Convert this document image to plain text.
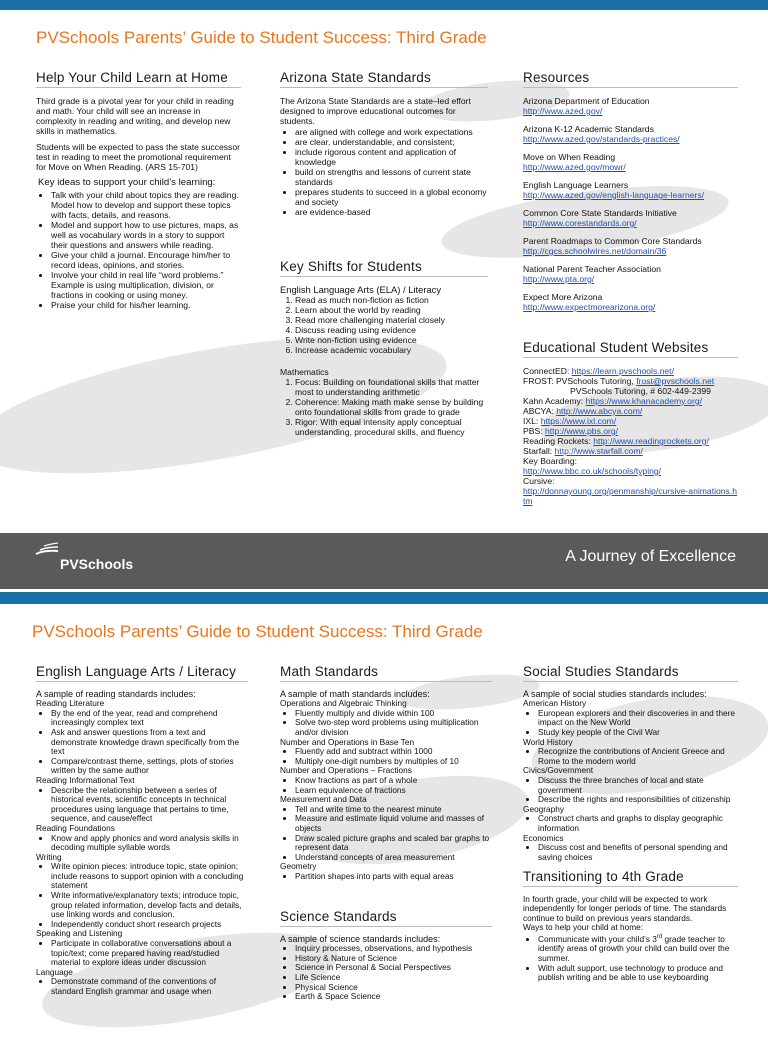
PVSchools Parents’ Guide to Student Success: Third Grade
Help Your Child Learn at Home

Third grade is a pivotal year for your child in reading and math. Your child will see an increase in complexity in reading and writing, and develop new skills in mathematics.

Students will be expected to pass the state successor test in reading to meet the promotional requirement for Move on When Reading. (ARS 15-701)

Key ideas to support your child’s learning:

• Talk with your child about topics they are reading. Model how to develop and support these topics with facts, details, and reasons.
• Model and support how to use pictures, maps, as well as vocabulary words in a story to support their questions and answers while reading.
• Give your child a journal. Encourage him/her to record ideas, opinions, and stories.
• Involve your child in real life “word problems.” Example is using multiplication, division, or fractions in cooking or using money.
• Praise your child for his/her learning.
Arizona State Standards

The Arizona State Standards are a state–led effort designed to improve educational outcomes for students.

• are aligned with college and work expectations
• are clear, understandable, and consistent;
• include rigorous content and application of knowledge
• build on strengths and lessons of current state standards
• prepares students to succeed in a global economy and society
• are evidence-based
Key Shifts for Students

English Language Arts (ELA) / Literacy

1. Read as much non-fiction as fiction
2. Learn about the world by reading
3. Read more challenging material closely
4. Discuss reading using evidence
5. Write non-fiction using evidence
6. Increase academic vocabulary

Mathematics

1. Focus: Building on foundational skills that matter most to understanding arithmetic
2. Coherence: Making math make sense by building onto foundational skills from grade to grade
3. Rigor: With equal intensity apply conceptual understanding, procedural skills, and fluency
Resources
Arizona Department of Education
http://www.azed.gov/
Arizona K-12 Academic Standards
http://www.azed.gov/standards-practices/
Move on When Reading
http://www.azed.gov/mowr/
English Language Learners
http://www.azed.gov/english-language-learners/
Common Core State Standards Initiative
http://www.corestandards.org/
Parent Roadmaps to Common Core Standards
http://cgcs.schoolwires.net/domain/36
National Parent Teacher Association
http://www.pta.org/
Expect More Arizona
http://www.expectmorearizona.org/
Educational Student Websites
ConnectED: https://learn.pvschools.net/
FROST: PVSchools Tutoring, frost@pvschools.net
PVSchools Tutoring, # 602-449-2399
Kahn Academy: https://www.khanacademy.org/
ABCYA: http://www.abcya.com/
IXL: https://www.ixl.com/
PBS: http://www.pbs.org/
Reading Rockets: http://www.readingrockets.org/
Starfall: http://www.starfall.com/
Key Boarding:
http://www.bbc.co.uk/schools/typing/
Cursive:
http://donnayoung.org/penmanship/cursive-animations.htm
PVSchools	A Journey of Excellence
PVSchools Parents’ Guide to Student Success: Third Grade
English Language Arts / Literacy
A sample of reading standards includes:
Reading Literature
• By the end of the year, read and comprehend increasingly complex text
• Ask and answer questions from a text and demonstrate knowledge drawn specifically from the text
• Compare/contrast theme, settings, plots of stories written by the same author
Reading Informational Text
• Describe the relationship between a series of historical events, scientific concepts in technical procedures using language that pertains to time, sequence, and cause/effect
Reading Foundations
• Know and apply phonics and word analysis skills in decoding multiple syllable words
Writing
• Write opinion pieces: introduce topic, state opinion; include reasons to support opinion with a concluding statement
• Write informative/explanatory texts; introduce topic, group related information, develop facts and details, use linking words and conclusion.
• Independently conduct short research projects
Speaking and Listening
• Participate in collaborative conversations about a topic/text; come prepared having read/studied material to explore ideas under discussion
Language
• Demonstrate command of the conventions of standard English grammar and usage when
Math Standards
A sample of math standards includes:
Operations and Algebraic Thinking
• Fluently multiply and divide within 100
• Solve two-step word problems using multiplication and/or division
Number and Operations in Base Ten
• Fluently add and subtract within 1000
• Multiply one-digit numbers by multiples of 10
Number and Operations – Fractions
• Know fractions as part of a whole
• Learn equivalence of fractions
Measurement and Data
• Tell and write time to the nearest minute
• Measure and estimate liquid volume and masses of objects
• Draw scaled picture graphs and scaled bar graphs to represent data
• Understand concepts of area measurement
Geometry
• Partition shapes into parts with equal areas
Science Standards
A sample of science standards includes:
• Inquiry processes, observations, and hypothesis
• History & Nature of Science
• Science in Personal & Social Perspectives
• Life Science
• Physical Science
• Earth & Space Science
Social Studies Standards
A sample of social studies standards includes:
American History
• European explorers and their discoveries in and there impact on the New World
• Study key people of the Civil War
World History
• Recognize the contributions of Ancient Greece and Rome to the modern world
Civics/Government
• Discuss the three branches of local and state government
• Describe the rights and responsibilities of citizenship
Geography
• Construct charts and graphs to display geographic information
Economics
• Discuss cost and benefits of personal spending and saving choices
Transitioning to 4th Grade
In fourth grade, your child will be expected to work independently for longer periods of time. The standards continue to build on previous years standards.
Ways to help your child at home:
• Communicate with your child’s 3rd grade teacher to identify areas of growth your child can build over the summer.
• With adult support, use technology to produce and publish writing and be able to use keyboarding
